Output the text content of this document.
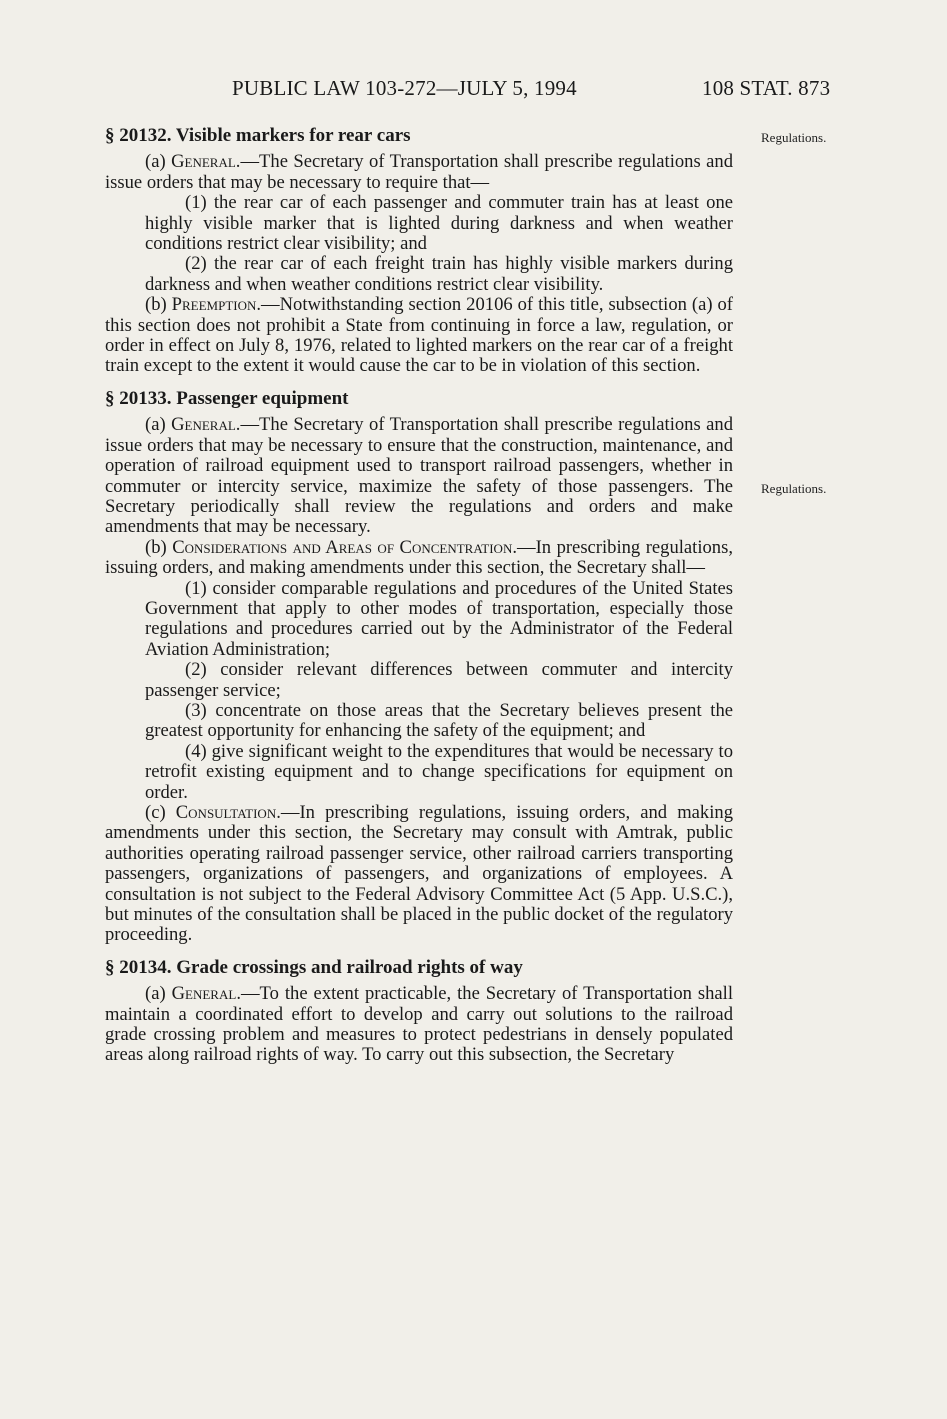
PUBLIC LAW 103-272—JULY 5, 1994	108 STAT. 873
Regulations.
Regulations.
§ 20132. Visible markers for rear cars

(a) General.—The Secretary of Transportation shall prescribe regulations and issue orders that may be necessary to require that—

(1) the rear car of each passenger and commuter train has at least one highly visible marker that is lighted during darkness and when weather conditions restrict clear visibility; and

(2) the rear car of each freight train has highly visible markers during darkness and when weather conditions restrict clear visibility.

(b) Preemption.—Notwithstanding section 20106 of this title, subsection (a) of this section does not prohibit a State from continuing in force a law, regulation, or order in effect on July 8, 1976, related to lighted markers on the rear car of a freight train except to the extent it would cause the car to be in violation of this section.

§ 20133. Passenger equipment

(a) General.—The Secretary of Transportation shall prescribe regulations and issue orders that may be necessary to ensure that the construction, maintenance, and operation of railroad equipment used to transport railroad passengers, whether in commuter or intercity service, maximize the safety of those passengers. The Secretary periodically shall review the regulations and orders and make amendments that may be necessary.

(b) Considerations and Areas of Concentration.—In prescribing regulations, issuing orders, and making amendments under this section, the Secretary shall—

(1) consider comparable regulations and procedures of the United States Government that apply to other modes of transportation, especially those regulations and procedures carried out by the Administrator of the Federal Aviation Administration;

(2) consider relevant differences between commuter and intercity passenger service;

(3) concentrate on those areas that the Secretary believes present the greatest opportunity for enhancing the safety of the equipment; and

(4) give significant weight to the expenditures that would be necessary to retrofit existing equipment and to change specifications for equipment on order.

(c) Consultation.—In prescribing regulations, issuing orders, and making amendments under this section, the Secretary may consult with Amtrak, public authorities operating railroad passenger service, other railroad carriers transporting passengers, organizations of passengers, and organizations of employees. A consultation is not subject to the Federal Advisory Committee Act (5 App. U.S.C.), but minutes of the consultation shall be placed in the public docket of the regulatory proceeding.

§ 20134. Grade crossings and railroad rights of way

(a) General.—To the extent practicable, the Secretary of Transportation shall maintain a coordinated effort to develop and carry out solutions to the railroad grade crossing problem and measures to protect pedestrians in densely populated areas along railroad rights of way. To carry out this subsection, the Secretary
